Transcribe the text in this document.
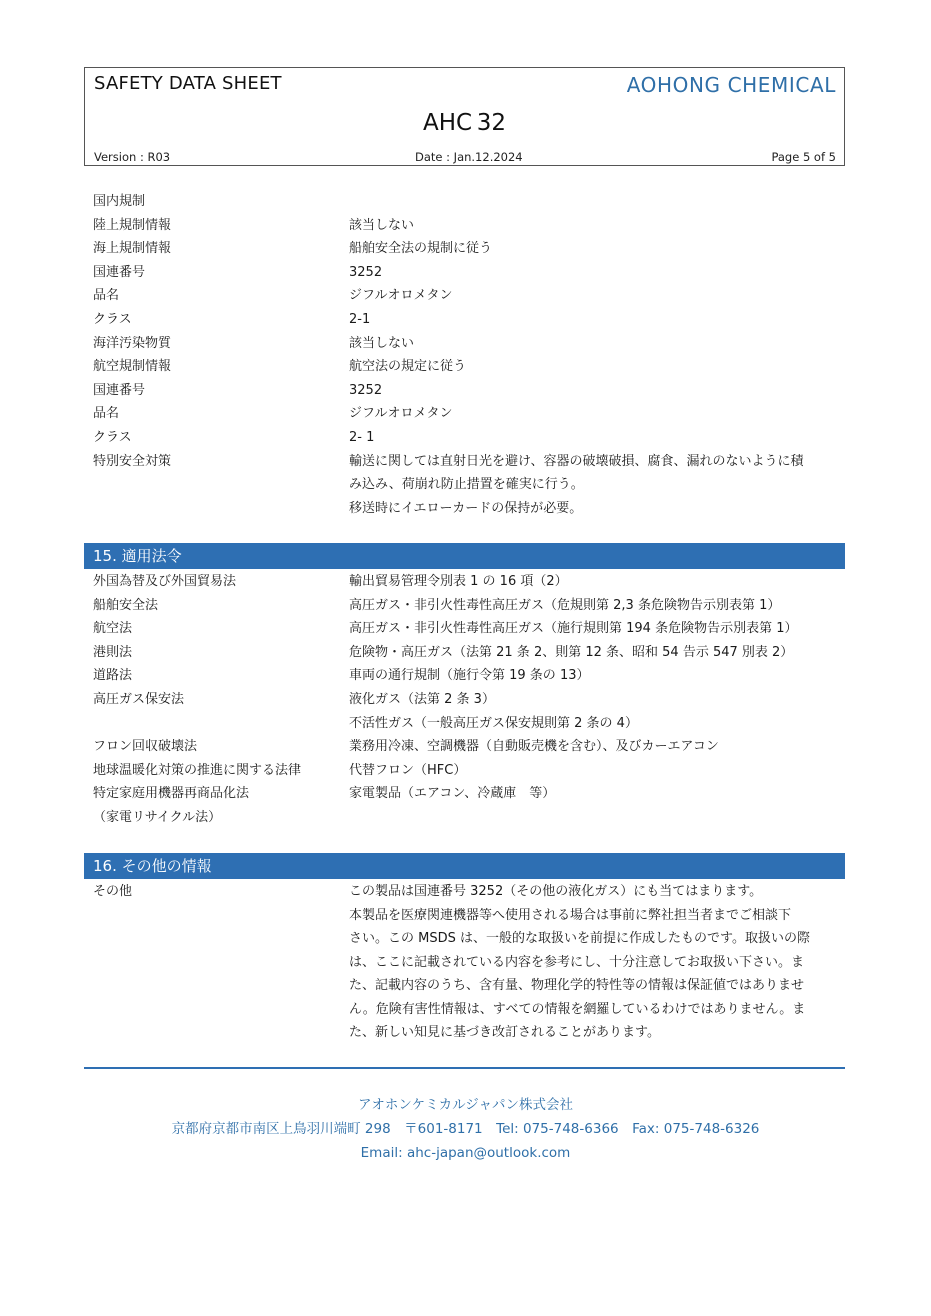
SAFETY DATA SHEET	AOHONG CHEMICAL
AHC 32
Version : R03	Date : Jan.12.2024	Page 5 of 5
国内規制
陸上規制情報	該当しない
海上規制情報	船舶安全法の規制に従う
国連番号	3252
品名	ジフルオロメタン
クラス	2-1
海洋汚染物質	該当しない
航空規制情報	航空法の規定に従う
国連番号	3252
品名	ジフルオロメタン
クラス	2- 1
特別安全対策	輸送に関しては直射日光を避け、容器の破壊破損、腐食、漏れのないように積
み込み、荷崩れ防止措置を確実に行う。
移送時にイエローカードの保持が必要。
15. 適用法令
外国為替及び外国貿易法	輸出貿易管理令別表 1 の 16 項（2）
船舶安全法	高圧ガス・非引火性毒性高圧ガス（危規則第 2,3 条危険物告示別表第 1）
航空法	高圧ガス・非引火性毒性高圧ガス（施行規則第 194 条危険物告示別表第 1）
港則法	危険物・高圧ガス（法第 21 条 2、則第 12 条、昭和 54 告示 547 別表 2）
道路法	車両の通行規制（施行令第 19 条の 13）
高圧ガス保安法	液化ガス（法第 2 条 3）
不活性ガス（一般高圧ガス保安規則第 2 条の 4）
フロン回収破壊法	業務用冷凍、空調機器（自動販売機を含む）、及びカーエアコン
地球温暖化対策の推進に関する法律	代替フロン（HFC）
特定家庭用機器再商品化法	家電製品（エアコン、冷蔵庫　等）
（家電リサイクル法）
16. その他の情報
その他	この製品は国連番号 3252（その他の液化ガス）にも当てはまります。
本製品を医療関連機器等へ使用される場合は事前に弊社担当者までご相談下
さい。この MSDS は、一般的な取扱いを前提に作成したものです。取扱いの際
は、ここに記載されている内容を参考にし、十分注意してお取扱い下さい。ま
た、記載内容のうち、含有量、物理化学的特性等の情報は保証値ではありませ
ん。危険有害性情報は、すべての情報を網羅しているわけではありません。ま
た、新しい知見に基づき改訂されることがあります。
アオホンケミカルジャパン株式会社
京都府京都市南区上鳥羽川端町 298　〒601-8171　Tel: 075-748-6366　Fax: 075-748-6326
Email: ahc-japan@outlook.com
